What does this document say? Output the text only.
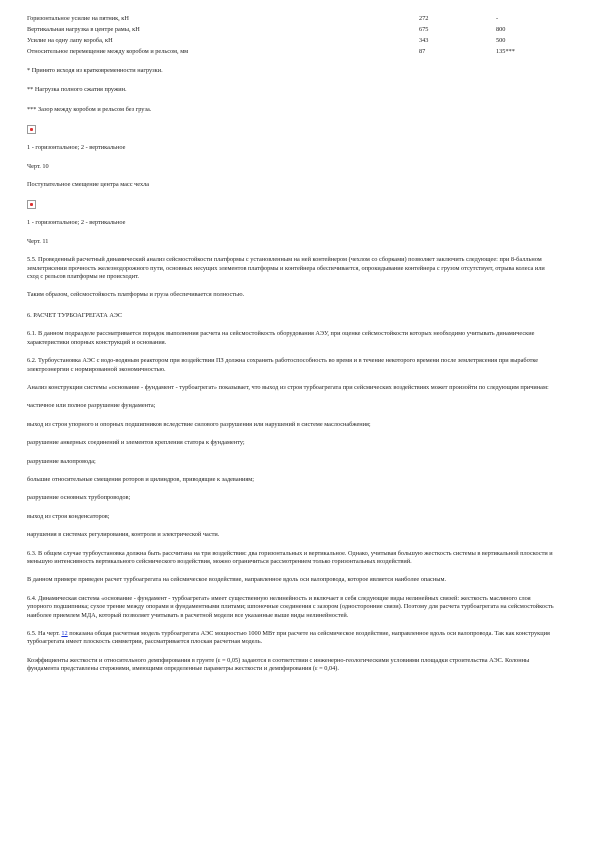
Горизонтальное усилие на пятник, кН	272	-
Вертикальная нагрузка в центре рамы, кН	675	800
Усилие на одну лапу короба, кН	343	500
Относительное перемещение между коробом и рельсом, мм	87	135***

* Принято исходя из кратковременности нагрузки.

** Нагрузка полного сжатия пружин.

*** Зазор между коробом и рельсом без груза.

1 - горизонтальное; 2 - вертикальное

Черт. 10

Поступательное смещение центра масс чехла

1 - горизонтальное; 2 - вертикальное

Черт. 11

5.5. Проведенный расчетный динамический анализ сейсмостойкости платформы с установленным на ней контейнером (чехлом со сборками) позволяет заключить следующее: при 8-балльном землетрясении прочность железнодорожного пути, основных несущих элементов платформы и контейнера обеспечивается, опрокидывание контейнера с грузом отсутствует, отрыва колеса или сход с рельсов платформы не происходит.

Таким образом, сейсмостойкость платформы и груза обеспечивается полностью.

6. РАСЧЕТ ТУРБОАГРЕГАТА АЭС

6.1. В данном подразделе рассматривается порядок выполнения расчета на сейсмостойкость оборудования АЭУ, при оценке сейсмостойкости которых необходимо учитывать динамические характеристики опорных конструкций и основания.

6.2. Турбоустановка АЭС с водо-водяным реактором при воздействии ПЗ должна сохранять работоспособность во время и в течение некоторого времени после землетрясения при выработке электроэнергии с нормированной экономичностью.

Анализ конструкции системы «основание - фундамент - турбоагрегат» показывает, что выход из строя турбоагрегата при сейсмических воздействиях может произойти по следующим причинам:

частичное или полное разрушение фундамента;

выход из строя упорного и опорных подшипников вследствие силового разрушения или нарушений в системе маслоснабжения;

разрушение анкерных соединений и элементов крепления статора к фундаменту;

разрушение валопровода;

большие относительные смещения роторов и цилиндров, приводящие к задеваниям;

разрушение основных трубопроводов;

выход из строя конденсаторов;

нарушения в системах регулирования, контроля и электрической части.

6.3. В общем случае турбоустановка должна быть рассчитана на три воздействия: два горизонтальных и вертикальное. Однако, учитывая большую жесткость системы в вертикальной плоскости и меньшую интенсивность вертикального сейсмического воздействия, можно ограничиться рассмотрением только горизонтальных воздействий.

В данном примере приведен расчет турбоагрегата на сейсмическое воздействие, направленное вдоль оси валопровода, которое является наиболее опасным.

6.4. Динамическая система «основание - фундамент - турбоагрегат» имеет существенную нелинейность и включает в себя следующие виды нелинейных связей: жесткость масляного слоя упорного подшипника; сухое трение между опорами и фундаментными плитами; шпоночные соединения с зазором (односторонние связи). Поэтому для расчета турбоагрегата на сейсмостойкость наиболее приемлем МДА, который позволяет учитывать в расчетной модели все указанные выше виды нелинейностей.

6.5. На черт. 12 показана общая расчетная модель турбоагрегата АЭС мощностью 1000 МВт при расчете на сейсмическое воздействие, направленное вдоль оси валопровода. Так как конструкция турбоагрегата имеет плоскость симметрии, рассматривается плоская расчетная модель.

Коэффициенты жесткости и относительного демпфирования в грунте (ε = 0,05) задаются в соответствии с инженерно-геологическими условиями площадки строительства АЭС. Колонны фундамента представлены стержнями, имеющими определенные параметры жесткости и демпфирования (ε = 0,04).
